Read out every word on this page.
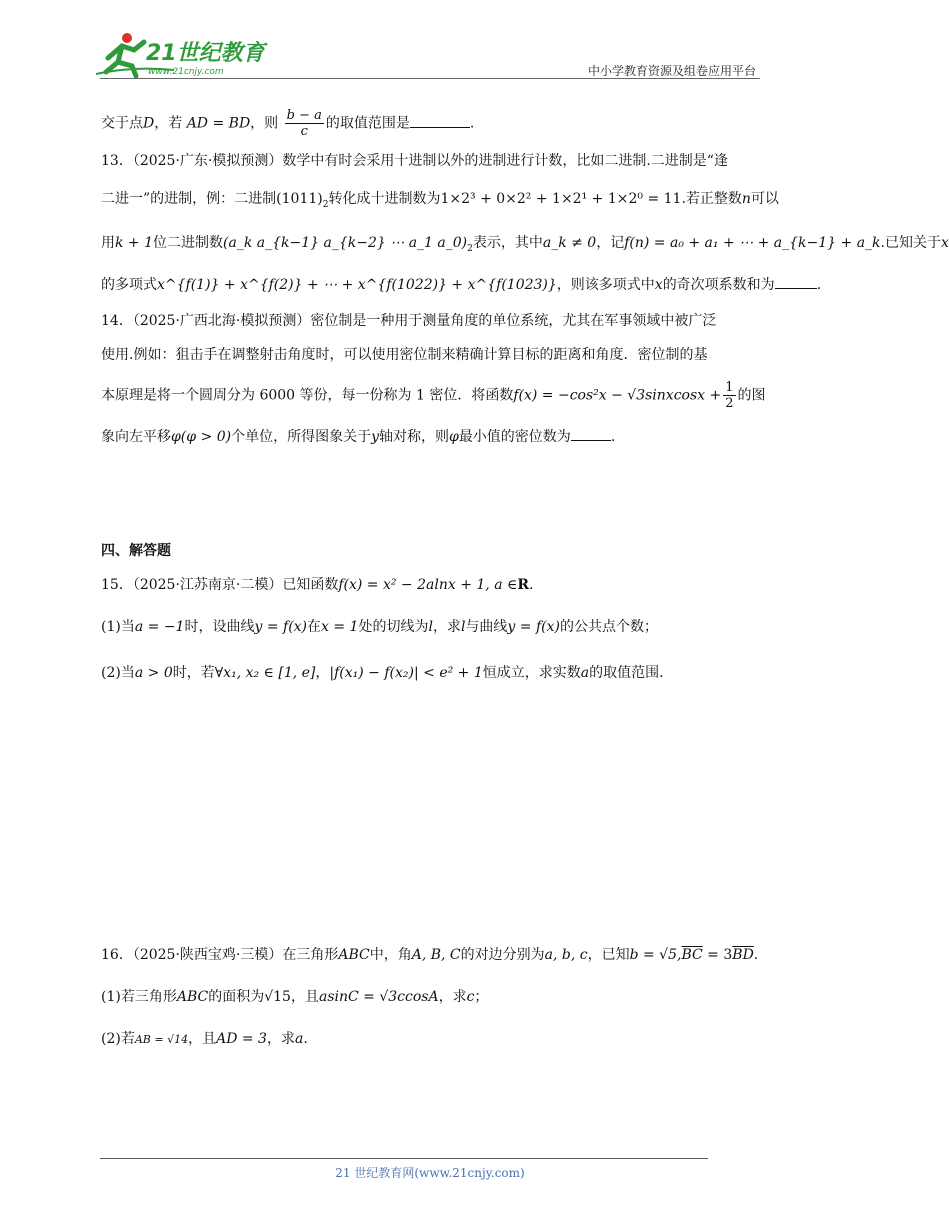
21世纪教育
www.21cnjy.com	中小学教育资源及组卷应用平台
交于点D，若 AD = BD，则 $\frac{b - a}{c}$ 的取值范围是	.
13．（2025·广东·模拟预测）数学中有时会采用十进制以外的进制进行计数，比如二进制.二进制是“逢
二进一”的进制，例：二进制$(1011)_2$转化成十进制数为1×2³ + 0×2² + 1×2¹ + 1×2⁰ = 11.若正整数n可以
用k + 1位二进制数(a_k a_{k−1} a_{k−2} ⋯ a_1 $a\_0)_2$表示，其中a_k ≠ 0，记f(n) = a₀ + a₁ + ⋯ + a_{k−1} + a_k.已知关于x
的多项式x^{f(1)} + x^{f(2)} + ⋯ + x^{f(1022)} + x^{f(1023)}，则该多项式中x的奇次项系数和为	.
14．（2025·广西北海·模拟预测）密位制是一种用于测量角度的单位系统，尤其在军事领域中被广泛
使用.例如：狙击手在调整射击角度时，可以使用密位制来精确计算目标的距离和角度．密位制的基
本原理是将一个圆周分为 6000 等份，每一份称为 1 密位．将函数f(x) = −cos²x − √3sinxcosx + $\frac{1}{2}$ 的图
象向左平移φ(φ > 0)个单位，所得图象关于y轴对称，则φ最小值的密位数为	.
四、解答题
15．（2025·江苏南京·二模）已知函数f(x) = x² − 2alnx + 1, a ∈R.
(1)当a = −1时，设曲线y = f(x)在x = 1处的切线为l，求l与曲线y = f(x)的公共点个数；
(2)当a > 0时，若∀x₁, x₂ ∈ [1, e]，|f(x₁) − f(x₂)| < e² + 1恒成立，求实数a的取值范围.
16．（2025·陕西宝鸡·三模）在三角形ABC中，角A, B, C的对边分别为a, b, c，已知$b = √5,\overline{BC} = 3\overline{BD}$.
(1)若三角形ABC的面积为√15，且asinC = √3ccosA，求c；
(2)若AB = √14，且AD = 3，求a.
21 世纪教育网(www.21cnjy.com)
